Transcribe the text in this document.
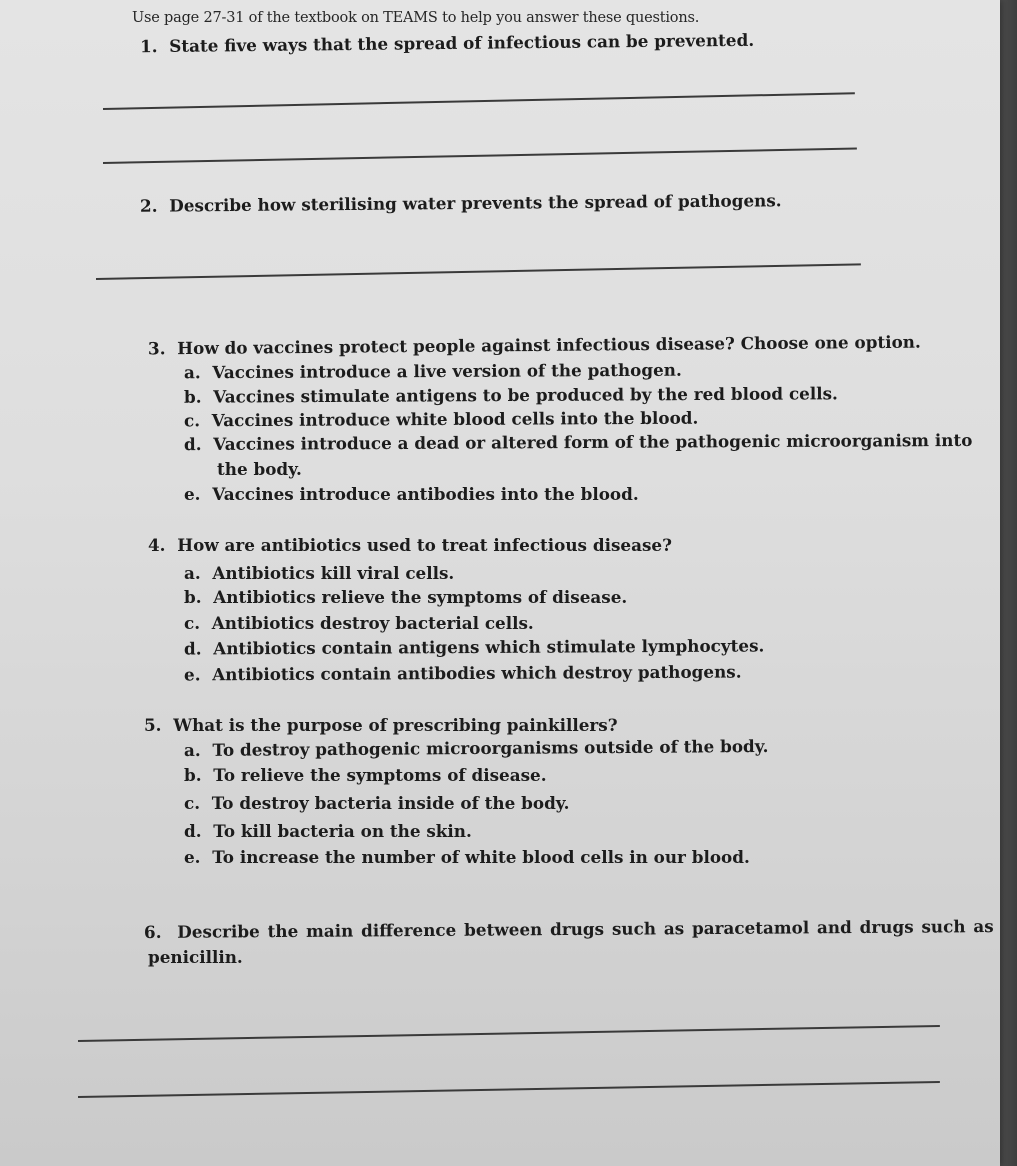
Use page 27-31 of the textbook on TEAMS to help you answer these questions.
1. State five ways that the spread of infectious can be prevented.
2. Describe how sterilising water prevents the spread of pathogens.
3. How do vaccines protect people against infectious disease? Choose one option.
a. Vaccines introduce a live version of the pathogen.
b. Vaccines stimulate antigens to be produced by the red blood cells.
c. Vaccines introduce white blood cells into the blood.
d. Vaccines introduce a dead or altered form of the pathogenic microorganism into
the body.
e. Vaccines introduce antibodies into the blood.
4. How are antibiotics used to treat infectious disease?
a. Antibiotics kill viral cells.
b. Antibiotics relieve the symptoms of disease.
c. Antibiotics destroy bacterial cells.
d. Antibiotics contain antigens which stimulate lymphocytes.
e. Antibiotics contain antibodies which destroy pathogens.
5. What is the purpose of prescribing painkillers?
a. To destroy pathogenic microorganisms outside of the body.
b. To relieve the symptoms of disease.
c. To destroy bacteria inside of the body.
d. To kill bacteria on the skin.
e. To increase the number of white blood cells in our blood.
6. Describe the main difference between drugs such as paracetamol and drugs such as
penicillin.
